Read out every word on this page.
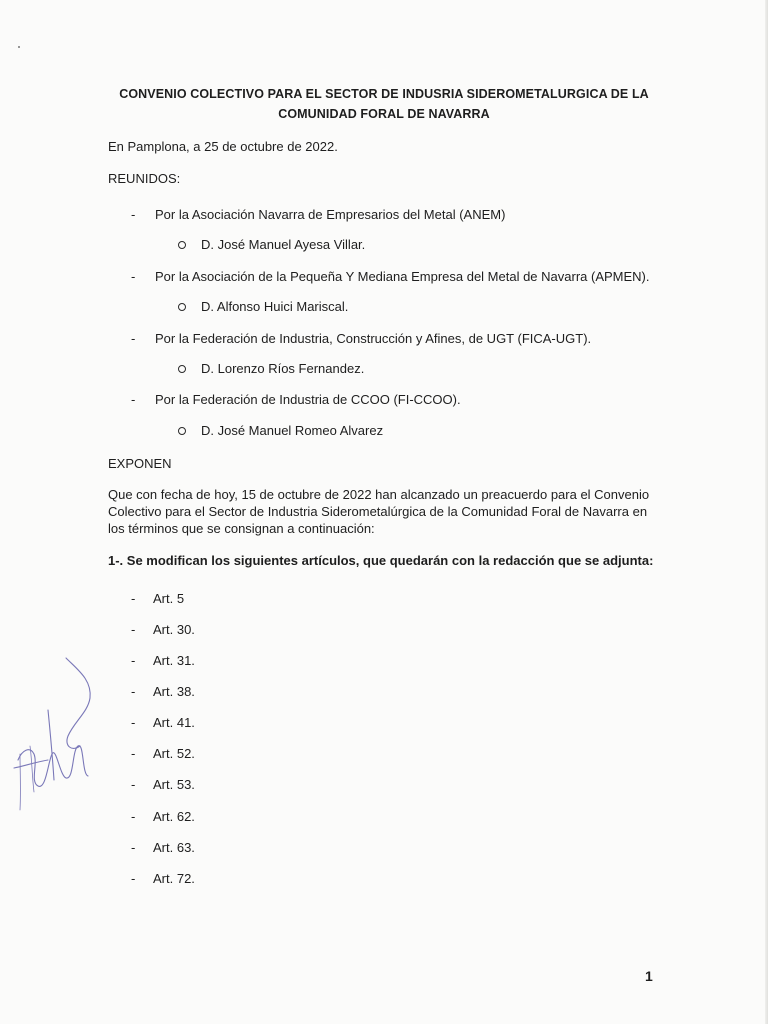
CONVENIO COLECTIVO PARA EL SECTOR DE INDUSRIA SIDEROMETALURGICA DE LA
COMUNIDAD FORAL DE NAVARRA
En Pamplona, a 25 de octubre de 2022.
REUNIDOS:
- Por la Asociación Navarra de Empresarios del Metal (ANEM)
D. José Manuel Ayesa Villar.
- Por la Asociación de la Pequeña Y Mediana Empresa del Metal de Navarra (APMEN).
D. Alfonso Huici Mariscal.
- Por la Federación de Industria, Construcción y Afines, de UGT (FICA-UGT).
D. Lorenzo Ríos Fernandez.
- Por la Federación de Industria de CCOO (FI-CCOO).
D. José Manuel Romeo Alvarez
EXPONEN
Que con fecha de hoy, 15 de octubre de 2022 han alcanzado un preacuerdo para el Convenio
Colectivo para el Sector de Industria Siderometalúrgica de la Comunidad Foral de Navarra en
los términos que se consignan a continuación:
1-. Se modifican los siguientes artículos, que quedarán con la redacción que se adjunta:
- Art. 5
- Art. 30.
- Art. 31.
- Art. 38.
- Art. 41.
- Art. 52.
- Art. 53.
- Art. 62.
- Art. 63.
- Art. 72.
1
